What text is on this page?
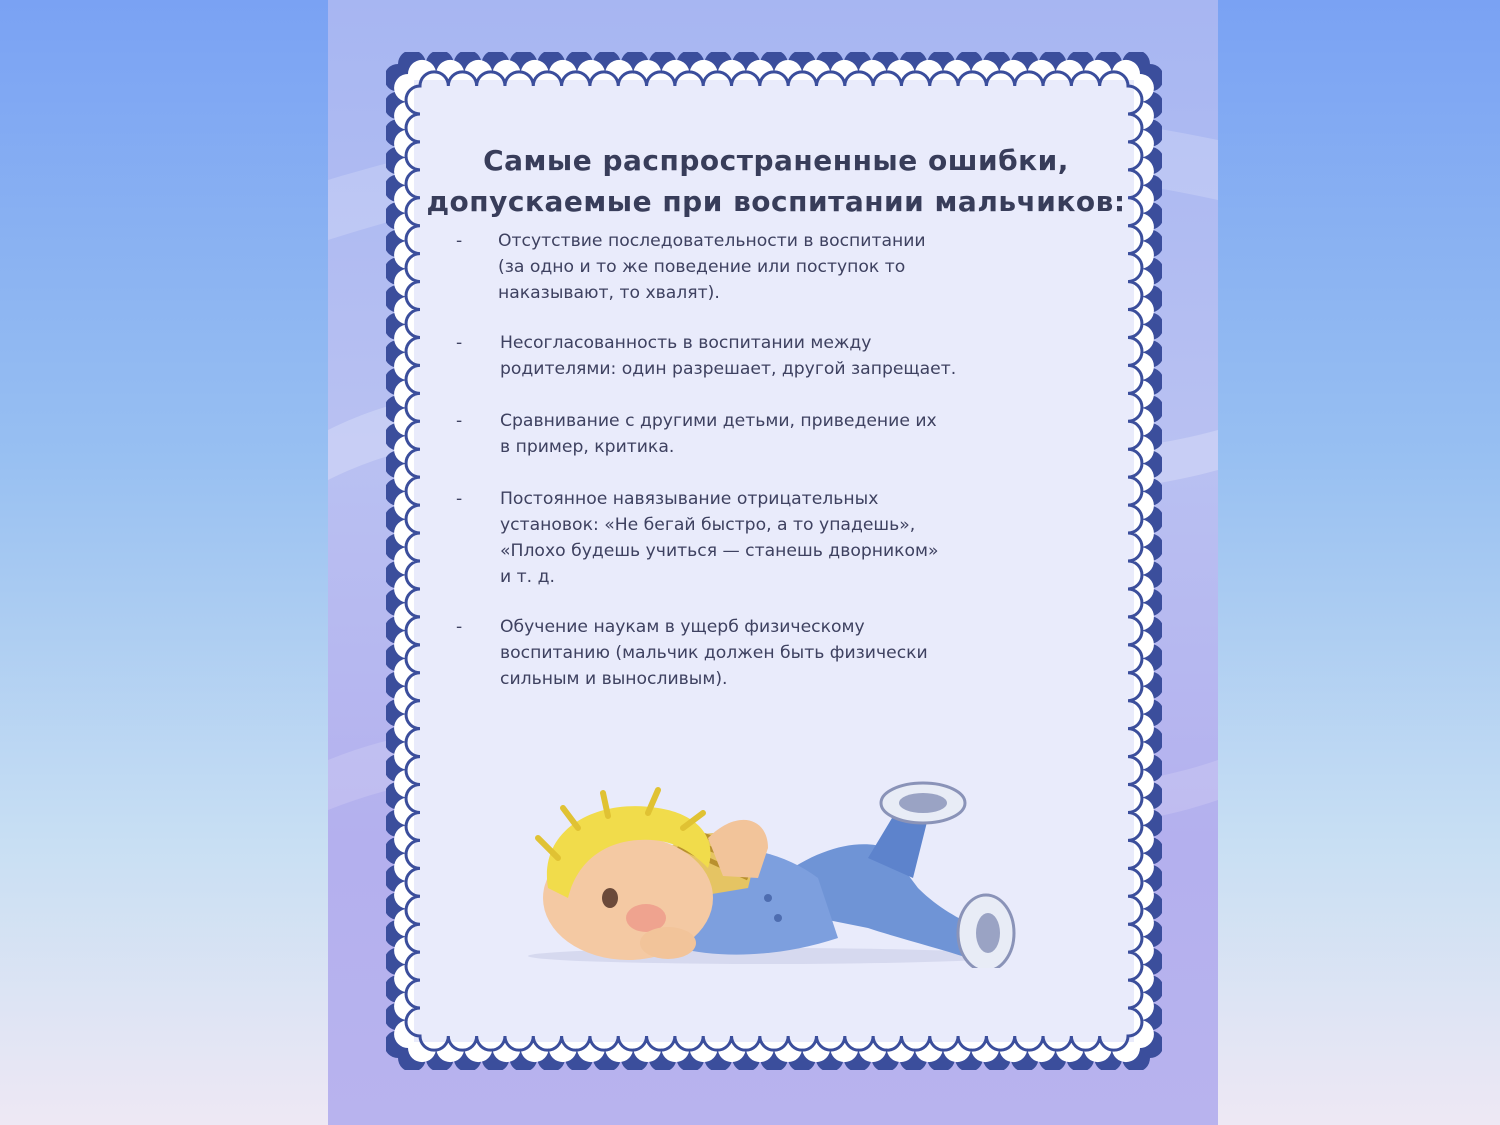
Самые распространенные ошибки, допускаемые при воспитании мальчиков:
- Отсутствие последовательности в воспитании
(за одно и то же поведение или поступок то
наказывают, то хвалят).
- Несогласованность в воспитании между
родителями: один разрешает, другой запрещает.
- Сравнивание с другими детьми, приведение их
в пример, критика.
- Постоянное навязывание отрицательных
установок: «Не бегай быстро, а то упадешь»,
«Плохо будешь учиться — станешь дворником»
и т. д.
- Обучение наукам в ущерб физическому
воспитанию (мальчик должен быть физически
сильным и выносливым).
